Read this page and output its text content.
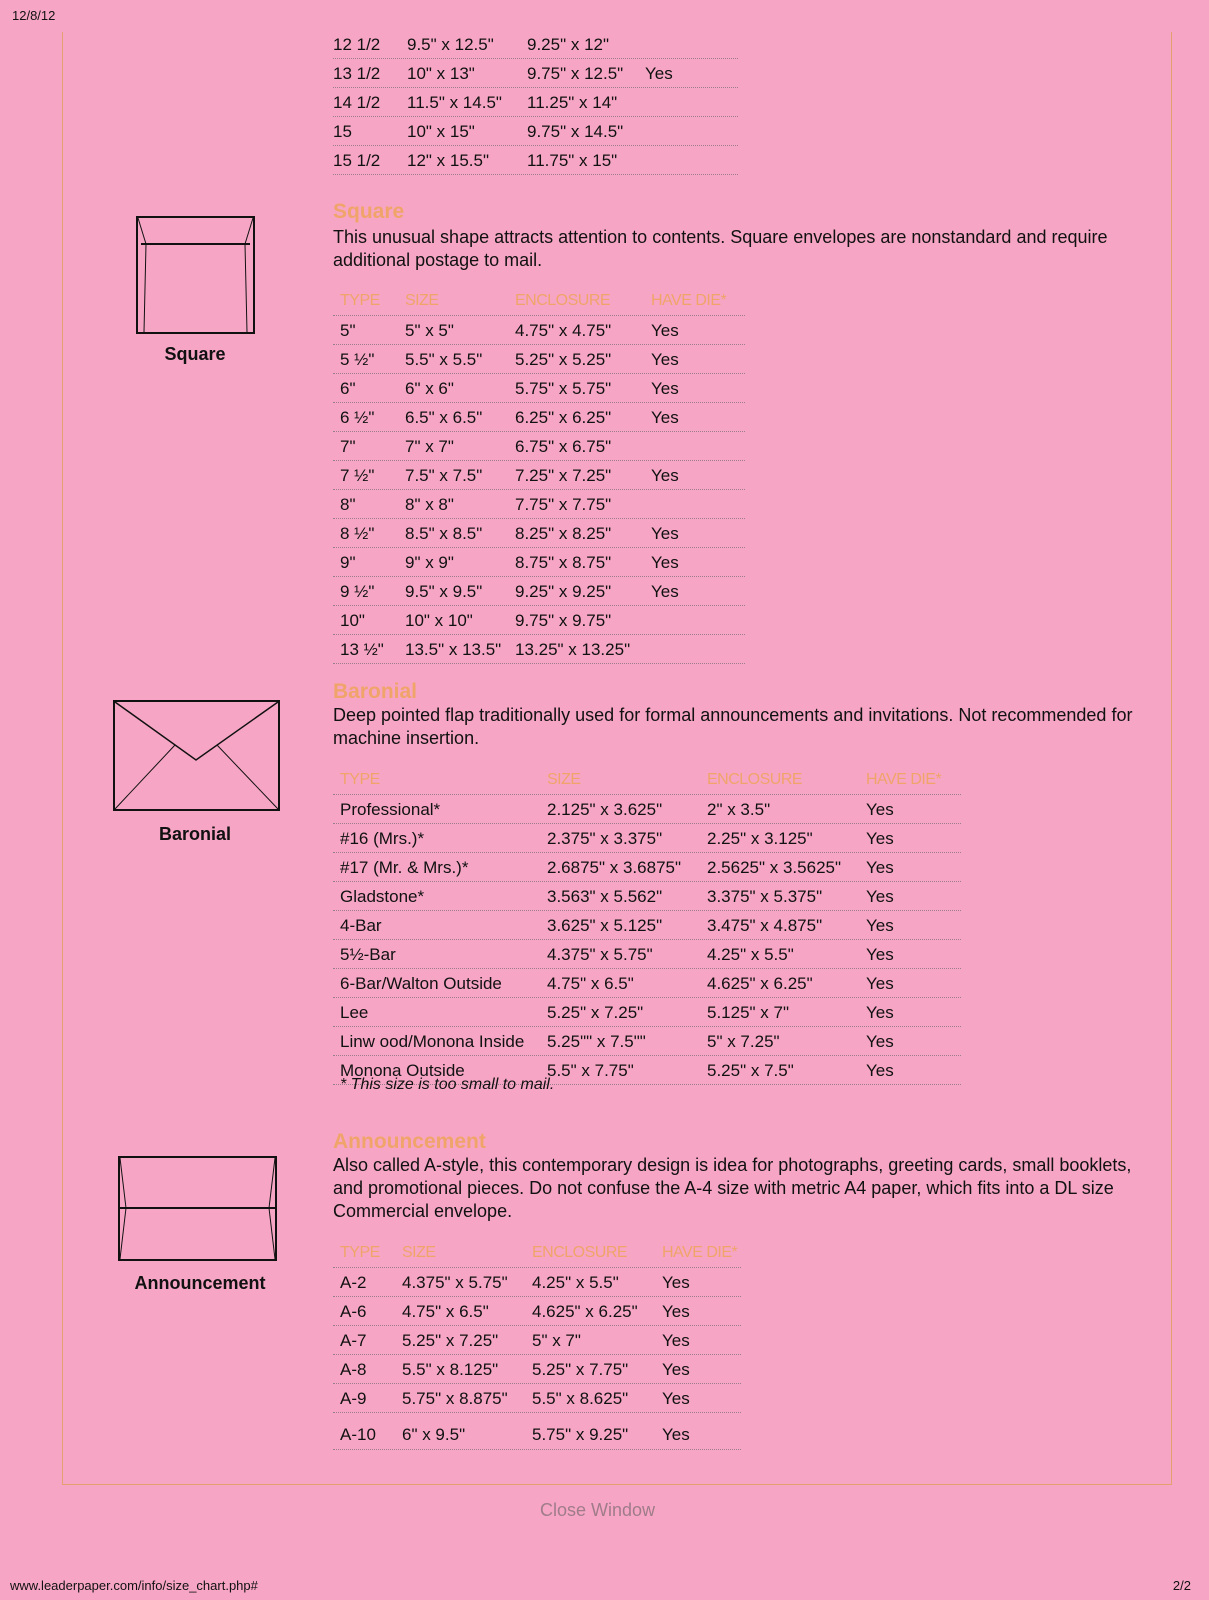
12/8/12
12 1/2 9.5" x 12.5" 9.25" x 12"
13 1/2 10" x 13"	9.75" x 12.5" Yes
14 1/2 11.5" x 14.5" 11.25" x 14"
15	10" x 15"	9.75" x 14.5"
15 1/2 12" x 15.5" 11.75" x 15"
Square
Square
This unusual shape attracts attention to contents. Square envelopes are nonstandard and require additional postage to mail.
TYPE SIZE	ENCLOSURE	HAVE DIE*
5"	5" x 5"	4.75" x 4.75" Yes
5 ½" 5.5" x 5.5" 5.25" x 5.25" Yes
6"	6" x 6"	5.75" x 5.75" Yes
6 ½" 6.5" x 6.5" 6.25" x 6.25" Yes
7"	7" x 7"	6.75" x 6.75"
7 ½" 7.5" x 7.5" 7.25" x 7.25" Yes
8"	8" x 8"	7.75" x 7.75"
8 ½" 8.5" x 8.5" 8.25" x 8.25" Yes
9"	9" x 9"	8.75" x 8.75" Yes
9 ½" 9.5" x 9.5" 9.25" x 9.25" Yes
10" 10" x 10" 9.75" x 9.75"
13 ½" 13.5" x 13.5" 13.25" x 13.25"
Baronial
Baronial
Deep pointed flap traditionally used for formal announcements and invitations. Not recommended for machine insertion.
TYPE	SIZE	ENCLOSURE	HAVE DIE*
Professional*	2.125" x 3.625"	2" x 3.5"	Yes
#16 (Mrs.)*	2.375" x 3.375"	2.25" x 3.125"	Yes
#17 (Mr. & Mrs.)*	2.6875" x 3.6875" 2.5625" x 3.5625" Yes
Gladstone*	3.563" x 5.562"	3.375" x 5.375"	Yes
4-Bar	3.625" x 5.125"	3.475" x 4.875"	Yes
5½-Bar	4.375" x 5.75"	4.25" x 5.5"	Yes
6-Bar/Walton Outside	4.75" x 6.5"	4.625" x 6.25"	Yes
Lee	5.25" x 7.25"	5.125" x 7"	Yes
Linw ood/Monona Inside 5.25"" x 7.5""	5" x 7.25"	Yes
Monona Outside	5.5" x 7.75"	5.25" x 7.5"	Yes
* This size is too small to mail.
Announcement
Announcement
Also called A-style, this contemporary design is idea for photographs, greeting cards, small booklets, and promotional pieces. Do not confuse the A-4 size with metric A4 paper, which fits into a DL size Commercial envelope.
TYPE SIZE	ENCLOSURE HAVE DIE*
A-2 4.375" x 5.75" 4.25" x 5.5"	Yes
A-6 4.75" x 6.5"	4.625" x 6.25" Yes
A-7 5.25" x 7.25" 5" x 7"	Yes
A-8 5.5" x 8.125" 5.25" x 7.75" Yes
A-9 5.75" x 8.875" 5.5" x 8.625" Yes
A-10 6" x 9.5"	5.75" x 9.25" Yes
Close Window
www.leaderpaper.com/info/size_chart.php#	2/2
